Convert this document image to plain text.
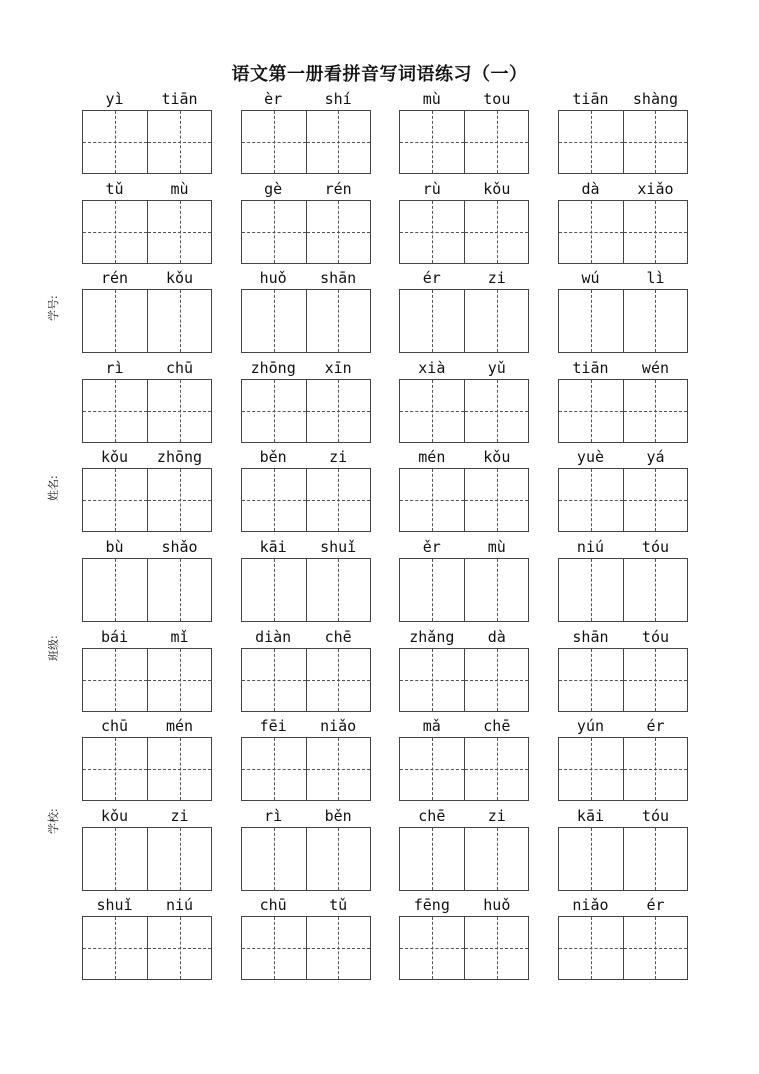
语文第一册看拼音写词语练习（一）
学号:
姓名:
班级:
学校:
yì	tiān	èr	shí	mù	tou	tiān	shàng
tǔ	mù	gè	rén	rù	kǒu	dà	xiǎo
rén	kǒu	huǒ	shān	ér	zi	wú	lì
rì	chū	zhōng	xīn	xià	yǔ	tiān	wén
kǒu	zhōng	běn	zi	mén	kǒu	yuè	yá
bù	shǎo	kāi	shuǐ	ěr	mù	niú	tóu
bái	mǐ	diàn	chē	zhǎng	dà	shān	tóu
chū	mén	fēi	niǎo	mǎ	chē	yún	ér
kǒu	zi	rì	běn	chē	zi	kāi	tóu
shuǐ	niú	chū	tǔ	fēng	huǒ	niǎo	ér
